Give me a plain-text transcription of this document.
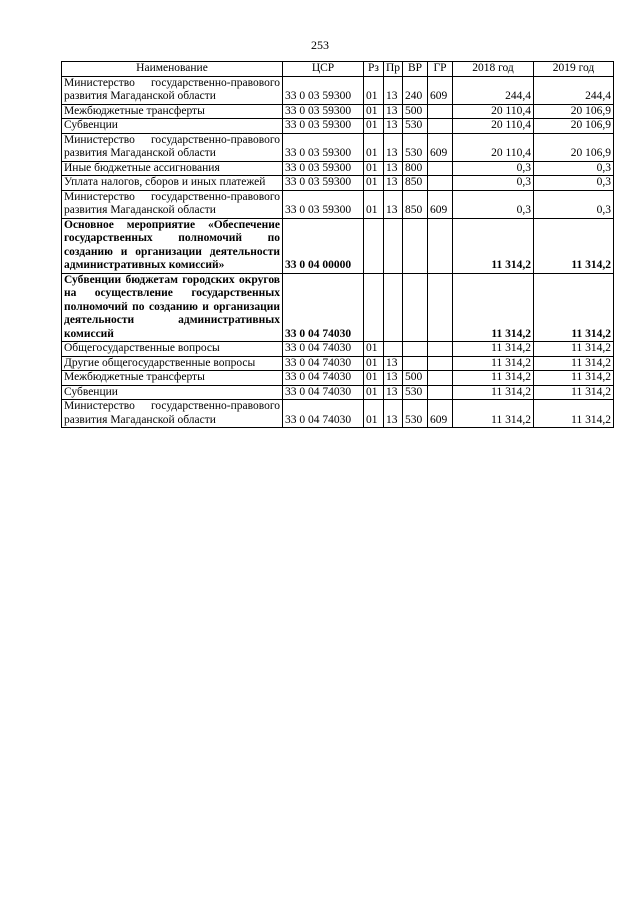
253
Наименование	ЦСР	Рз	Пр	ВР	ГР	2018 год	2019 год
Министерство государственно-правового развития Магаданской области	33 0 03 59300	01	13	240	609	244,4	244,4
Межбюджетные трансферты	33 0 03 59300	01	13	500		20 110,4	20 106,9
Субвенции	33 0 03 59300	01	13	530		20 110,4	20 106,9
Министерство государственно-правового развития Магаданской области	33 0 03 59300	01	13	530	609	20 110,4	20 106,9
Иные бюджетные ассигнования	33 0 03 59300	01	13	800		0,3	0,3
Уплата налогов, сборов и иных платежей	33 0 03 59300	01	13	850		0,3	0,3
Министерство государственно-правового развития Магаданской области	33 0 03 59300	01	13	850	609	0,3	0,3
Основное мероприятие «Обеспечение государственных полномочий по созданию и организации деятельности административных комиссий»	33 0 04 00000					11 314,2	11 314,2
Субвенции бюджетам городских округов на осуществление государственных полномочий по созданию и организации деятельности административных комиссий	33 0 04 74030					11 314,2	11 314,2
Общегосударственные вопросы	33 0 04 74030	01				11 314,2	11 314,2
Другие общегосударственные вопросы	33 0 04 74030	01	13			11 314,2	11 314,2
Межбюджетные трансферты	33 0 04 74030	01	13	500		11 314,2	11 314,2
Субвенции	33 0 04 74030	01	13	530		11 314,2	11 314,2
Министерство государственно-правового развития Магаданской области	33 0 04 74030	01	13	530	609	11 314,2	11 314,2
